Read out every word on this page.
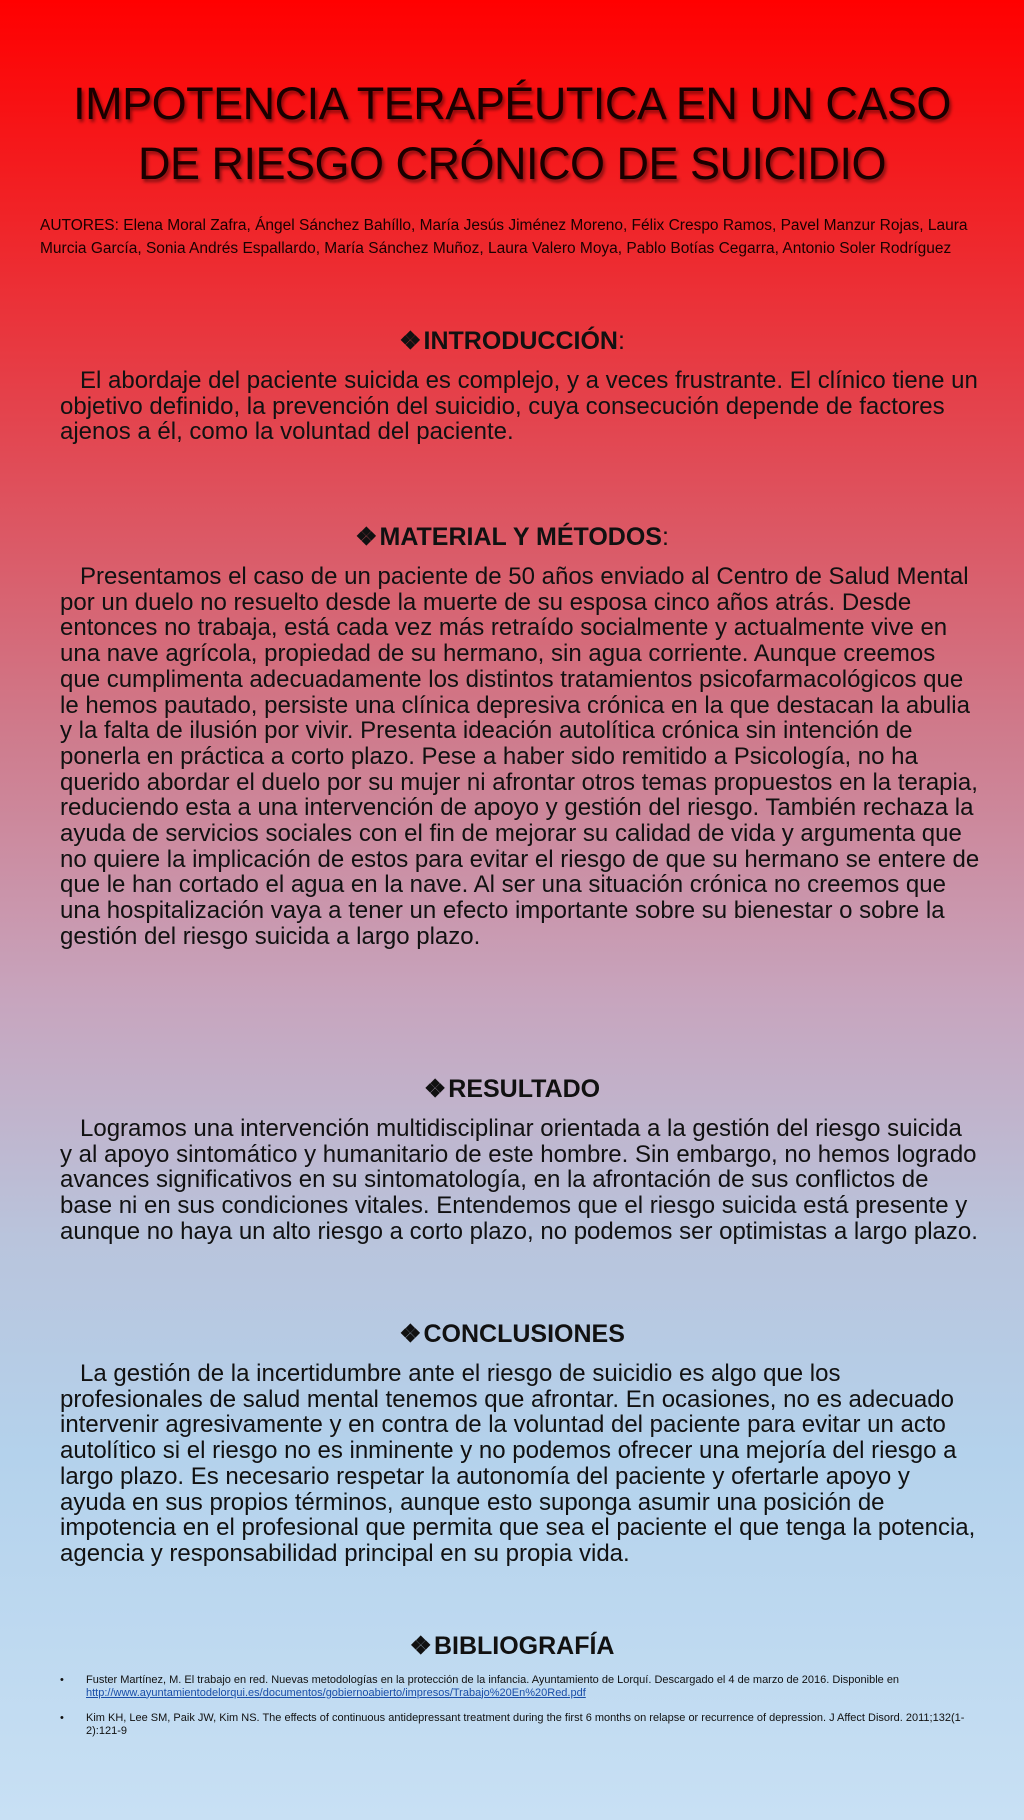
IMPOTENCIA TERAPÉUTICA EN UN CASO
DE RIESGO CRÓNICO DE SUICIDIO
AUTORES: Elena Moral Zafra, Ángel Sánchez Bahíllo, María Jesús Jiménez Moreno, Félix Crespo Ramos, Pavel Manzur Rojas, Laura Murcia García, Sonia Andrés Espallardo, María Sánchez Muñoz, Laura Valero Moya, Pablo Botías Cegarra, Antonio Soler Rodríguez
❖INTRODUCCIÓN:
El abordaje del paciente suicida es complejo, y a veces frustrante. El clínico tiene un objetivo definido, la prevención del suicidio, cuya consecución depende de factores ajenos a él, como la voluntad del paciente.
❖MATERIAL Y MÉTODOS:
Presentamos el caso de un paciente de 50 años enviado al Centro de Salud Mental por un duelo no resuelto desde la muerte de su esposa cinco años atrás. Desde entonces no trabaja, está cada vez más retraído socialmente y actualmente vive en una nave agrícola, propiedad de su hermano, sin agua corriente. Aunque creemos que cumplimenta adecuadamente los distintos tratamientos psicofarmacológicos que le hemos pautado, persiste una clínica depresiva crónica en la que destacan la abulia y la falta de ilusión por vivir. Presenta ideación autolítica crónica sin intención de ponerla en práctica a corto plazo. Pese a haber sido remitido a Psicología, no ha querido abordar el duelo por su mujer ni afrontar otros temas propuestos en la terapia, reduciendo esta a una intervención de apoyo y gestión del riesgo. También rechaza la ayuda de servicios sociales con el fin de mejorar su calidad de vida y argumenta que no quiere la implicación de estos para evitar el riesgo de que su hermano se entere de que le han cortado el agua en la nave. Al ser una situación crónica no creemos que una hospitalización vaya a tener un efecto importante sobre su bienestar o sobre la gestión del riesgo suicida a largo plazo.
❖RESULTADO
Logramos una intervención multidisciplinar orientada a la gestión del riesgo suicida y al apoyo sintomático y humanitario de este hombre. Sin embargo, no hemos logrado avances significativos en su sintomatología, en la afrontación de sus conflictos de base ni en sus condiciones vitales. Entendemos que el riesgo suicida está presente y aunque no haya un alto riesgo a corto plazo, no podemos ser optimistas a largo plazo.
❖CONCLUSIONES
La gestión de la incertidumbre ante el riesgo de suicidio es algo que los profesionales de salud mental tenemos que afrontar. En ocasiones, no es adecuado intervenir agresivamente y en contra de la voluntad del paciente para evitar un acto autolítico si el riesgo no es inminente y no podemos ofrecer una mejoría del riesgo a largo plazo. Es necesario respetar la autonomía del paciente y ofertarle apoyo y ayuda en sus propios términos, aunque esto suponga asumir una posición de impotencia en el profesional que permita que sea el paciente el que tenga la potencia, agencia y responsabilidad principal en su propia vida.
❖BIBLIOGRAFÍA
• Fuster Martínez, M. El trabajo en red. Nuevas metodologías en la protección de la infancia. Ayuntamiento de Lorquí. Descargado el 4 de marzo de 2016. Disponible en http://www.ayuntamientodelorqui.es/documentos/gobiernoabierto/impresos/Trabajo%20En%20Red.pdf
• Kim KH, Lee SM, Paik JW, Kim NS. The effects of continuous antidepressant treatment during the first 6 months on relapse or recurrence of depression. J Affect Disord. 2011;132(1-2):121-9
